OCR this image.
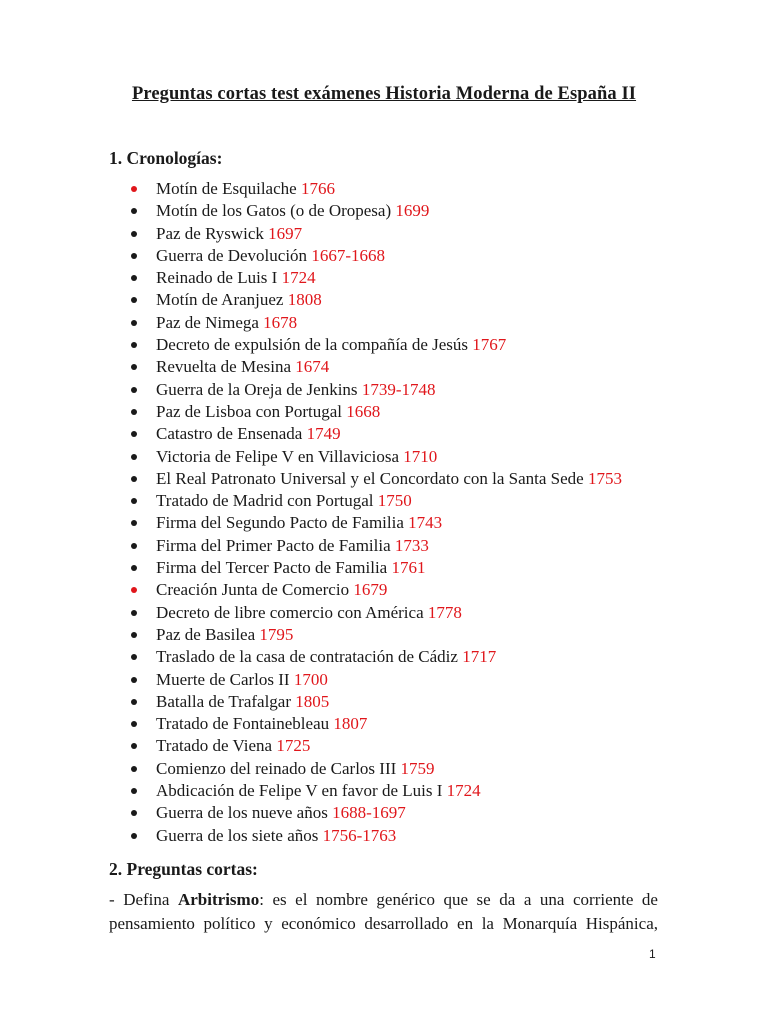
Preguntas cortas test exámenes Historia Moderna de España II
1. Cronologías:
Motín de Esquilache 1766
Motín de los Gatos (o de Oropesa) 1699
Paz de Ryswick 1697
Guerra de Devolución 1667-1668
Reinado de Luis I 1724
Motín de Aranjuez 1808
Paz de Nimega 1678
Decreto de expulsión de la compañía de Jesús 1767
Revuelta de Mesina 1674
Guerra de la Oreja de Jenkins 1739-1748
Paz de Lisboa con Portugal 1668
Catastro de Ensenada 1749
Victoria de Felipe V en Villaviciosa 1710
El Real Patronato Universal y el Concordato con la Santa Sede 1753
Tratado de Madrid con Portugal 1750
Firma del Segundo Pacto de Familia 1743
Firma del Primer Pacto de Familia 1733
Firma del Tercer Pacto de Familia 1761
Creación Junta de Comercio 1679
Decreto de libre comercio con América 1778
Paz de Basilea 1795
Traslado de la casa de contratación de Cádiz 1717
Muerte de Carlos II 1700
Batalla de Trafalgar 1805
Tratado de Fontainebleau 1807
Tratado de Viena 1725
Comienzo del reinado de Carlos III 1759
Abdicación de Felipe V en favor de Luis I 1724
Guerra de los nueve años 1688-1697
Guerra de los siete años 1756-1763
2. Preguntas cortas:
- Defina Arbitrismo: es el nombre genérico que se da a una corriente de
pensamiento político y económico desarrollado en la Monarquía Hispánica,
1
